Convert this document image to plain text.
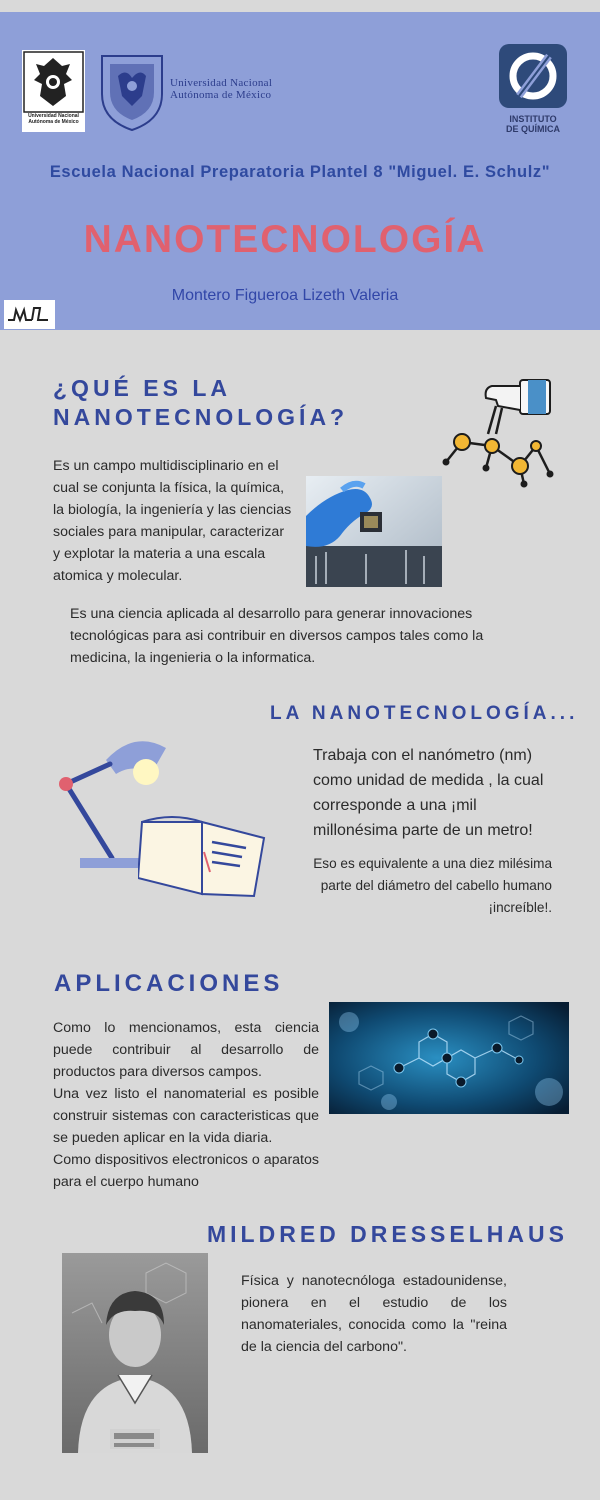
Universidad Nacional
Autónoma de México
Universidad Nacional
Autónoma de México
INSTITUTO
DE QUÍMICA
Escuela Nacional Preparatoria Plantel 8 "Miguel. E. Schulz"
NANOTECNOLOGÍA
Montero Figueroa Lizeth Valeria
¿QUÉ ES LA
NANOTECNOLOGÍA?
Es un campo multidisciplinario en el cual se conjunta la física, la química, la biología, la ingeniería y las ciencias sociales para manipular, caracterizar y explotar la materia a una escala atomica y molecular.
Es una ciencia aplicada al desarrollo para generar innovaciones tecnológicas para asi contribuir en diversos campos tales como la medicina, la ingenieria o la informatica.
LA NANOTECNOLOGÍA...
Trabaja con el nanómetro (nm) como unidad de medida , la cual corresponde a una ¡mil millonésima parte de un metro!
Eso es equivalente a una diez milésima parte del diámetro del cabello humano ¡increíble!.
APLICACIONES
Como lo mencionamos, esta ciencia puede contribuir al desarrollo de productos para diversos campos.
Una vez listo el nanomaterial es posible construir sistemas con caracteristicas que se pueden aplicar en la vida diaria.
Como dispositivos electronicos o aparatos para el cuerpo humano
MILDRED DRESSELHAUS
Física y nanotecnóloga estadounidense, pionera en el estudio de los nanomateriales, conocida como la "reina de la ciencia del carbono".
